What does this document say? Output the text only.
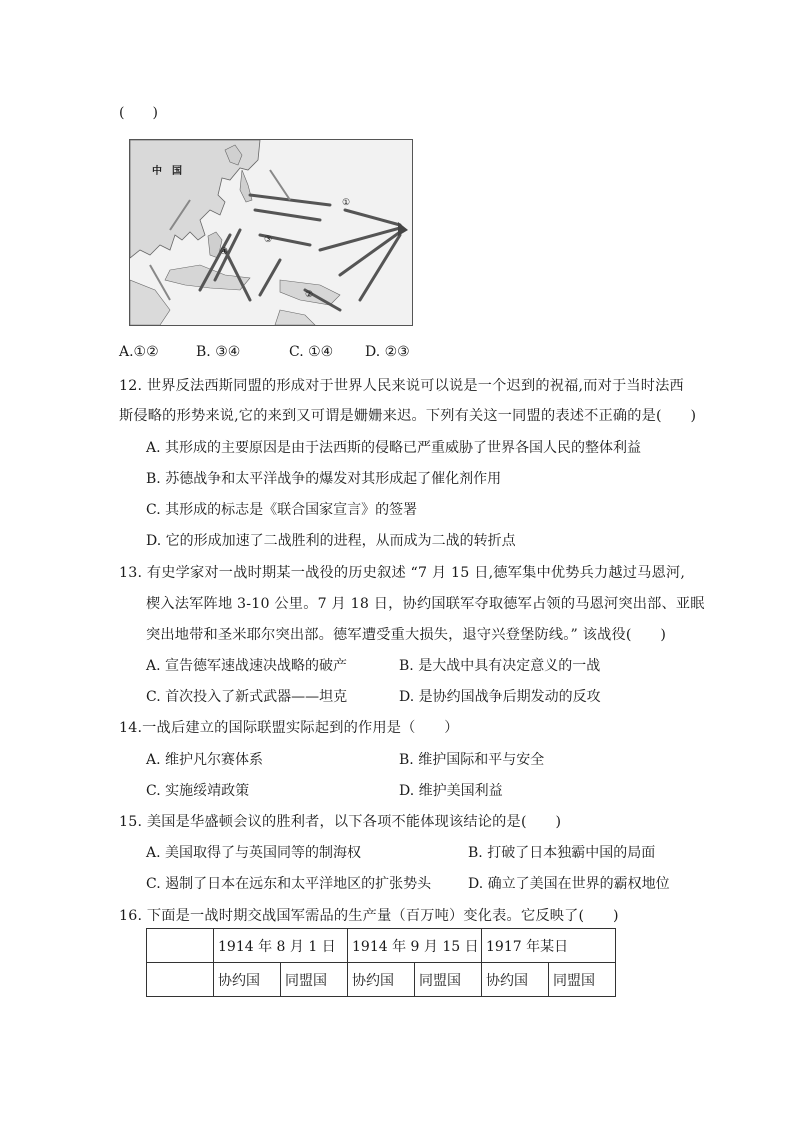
(　　)
中　国
①
②
③
④
A.①②	B. ③④	C. ①④ D. ②③
12. 世界反法西斯同盟的形成对于世界人民来说可以说是一个迟到的祝福,而对于当时法西
斯侵略的形势来说,它的来到又可谓是姗姗来迟。下列有关这一同盟的表述不正确的是(　　)
A. 其形成的主要原因是由于法西斯的侵略已严重威胁了世界各国人民的整体利益
B. 苏德战争和太平洋战争的爆发对其形成起了催化剂作用
C. 其形成的标志是《联合国家宣言》的签署
D. 它的形成加速了二战胜利的进程，从而成为二战的转折点
13. 有史学家对一战时期某一战役的历史叙述 “7 月 15 日,德军集中优势兵力越过马恩河,
楔入法军阵地 3-10 公里。7 月 18 日，协约国联军夺取德军占领的马恩河突出部、亚眠
突出地带和圣米耶尔突出部。德军遭受重大损失，退守兴登堡防线。” 该战役(　　)
A. 宣告德军速战速决战略的破产	B. 是大战中具有决定意义的一战
C. 首次投入了新式武器——坦克	D. 是协约国战争后期发动的反攻
14.一战后建立的国际联盟实际起到的作用是（　　）
A. 维护凡尔赛体系	B. 维护国际和平与安全
C. 实施绥靖政策	D. 维护美国利益
15. 美国是华盛顿会议的胜利者，以下各项不能体现该结论的是(　　)
A. 美国取得了与英国同等的制海权	B. 打破了日本独霸中国的局面
C. 遏制了日本在远东和太平洋地区的扩张势头	D. 确立了美国在世界的霸权地位
16. 下面是一战时期交战国军需品的生产量（百万吨）变化表。它反映了(　　)
	1914 年 8 月 1 日		1914 年 9 月 15 日		1917 年某日	
	协约国	同盟国	协约国	同盟国	协约国	同盟国
